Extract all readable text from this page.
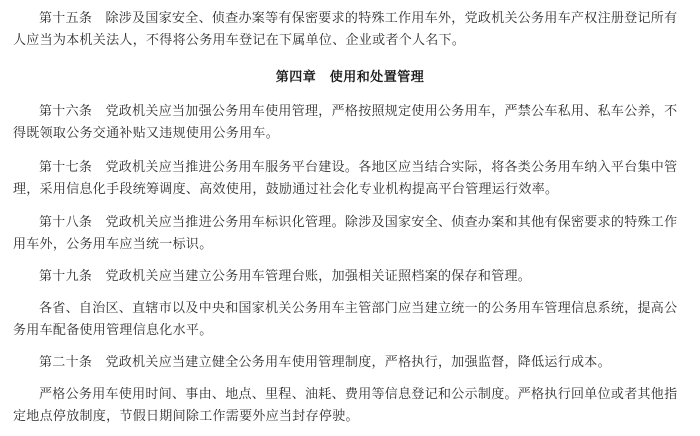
第十五条　除涉及国家安全、侦查办案等有保密要求的特殊工作用车外，党政机关公务用车产权注册登记所有人应当为本机关法人，不得将公务用车登记在下属单位、企业或者个人名下。

第四章　使用和处置管理

第十六条　党政机关应当加强公务用车使用管理，严格按照规定使用公务用车，严禁公车私用、私车公养，不得既领取公务交通补贴又违规使用公务用车。

第十七条　党政机关应当推进公务用车服务平台建设。各地区应当结合实际，将各类公务用车纳入平台集中管理，采用信息化手段统筹调度、高效使用，鼓励通过社会化专业机构提高平台管理运行效率。

第十八条　党政机关应当推进公务用车标识化管理。除涉及国家安全、侦查办案和其他有保密要求的特殊工作用车外，公务用车应当统一标识。

第十九条　党政机关应当建立公务用车管理台账，加强相关证照档案的保存和管理。

各省、自治区、直辖市以及中央和国家机关公务用车主管部门应当建立统一的公务用车管理信息系统，提高公务用车配备使用管理信息化水平。

第二十条　党政机关应当建立健全公务用车使用管理制度，严格执行，加强监督，降低运行成本。

严格公务用车使用时间、事由、地点、里程、油耗、费用等信息登记和公示制度。严格执行回单位或者其他指定地点停放制度，节假日期间除工作需要外应当封存停驶。
